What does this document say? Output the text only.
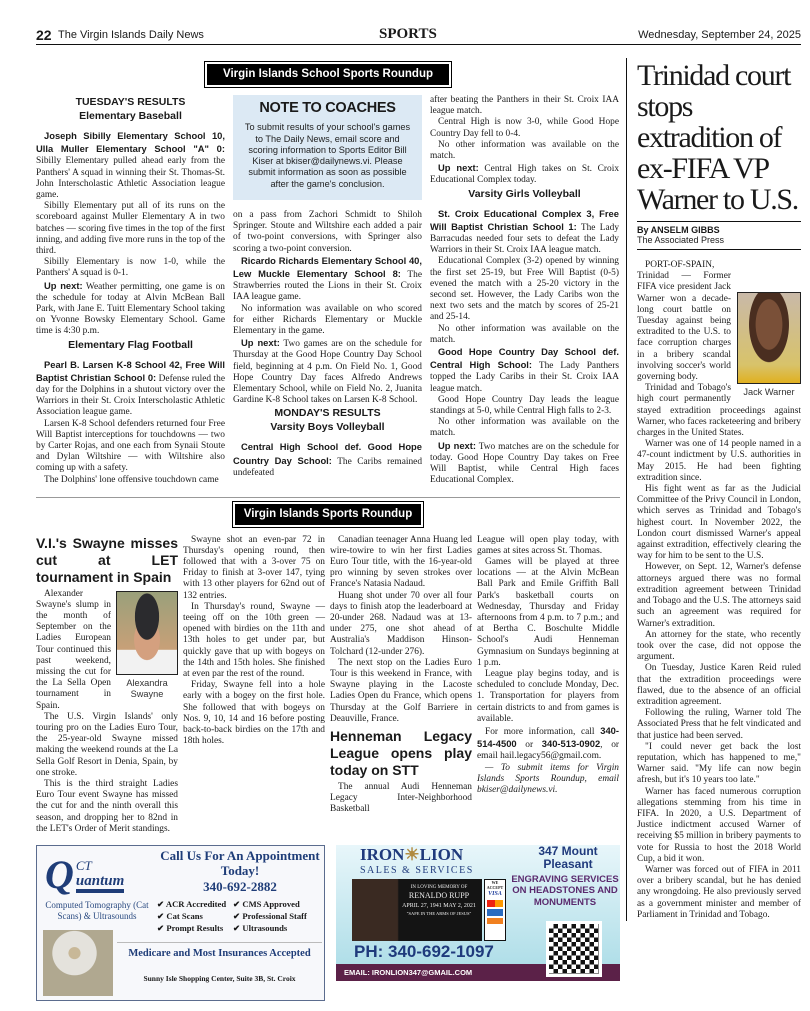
22 The Virgin Islands Daily News	SPORTS	Wednesday, September 24, 2025
Virgin Islands School Sports Roundup
TUESDAY'S RESULTS
Elementary Baseball

Joseph Sibilly Elementary School 10, Ulla Muller Elementary School "A" 0: Sibilly Elementary pulled ahead early from the Panthers' A squad in winning their St. Thomas-St. John Interscholastic Athletic Association league game.

Sibilly Elementary put all of its runs on the scoreboard against Muller Elementary A in two batches — scoring five times in the top of the first inning, and adding five more runs in the top of the third.

Sibilly Elementary is now 1-0, while the Panthers' A squad is 0-1.

Up next: Weather permitting, one game is on the schedule for today at Alvin McBean Ball Park, with Jane E. Tuitt Elementary School taking on Yvonne Bowsky Elementary School. Game time is 4:30 p.m.

Elementary Flag Football

Pearl B. Larsen K-8 School 42, Free Will Baptist Christian School 0: Defense ruled the day for the Dolphins in a shutout victory over the Warriors in their St. Croix Interscholastic Athletic Association league game.

Larsen K-8 School defenders returned four Free Will Baptist interceptions for touchdowns — two by Carter Rojas, and one each from Synaii Stoute and Dylan Wiltshire — with Wiltshire also coming up with a safety.

The Dolphins' lone offensive touchdown came

NOTE TO COACHES
To submit results of your school's games to The Daily News, email score and scoring information to Sports Editor Bill Kiser at bkiser@dailynews.vi. Please submit information as soon as possible after the game's conclusion.

on a pass from Zachori Schmidt to Shiloh Springer. Stoute and Wiltshire each added a pair of two-point conversions, with Springer also scoring a two-point conversion.

Ricardo Richards Elementary School 40, Lew Muckle Elementary School 8: The Strawberries routed the Lions in their St. Croix IAA league game.

No information was available on who scored for either Richards Elementary or Muckle Elementary in the game.

Up next: Two games are on the schedule for Thursday at the Good Hope Country Day School field, beginning at 4 p.m. On Field No. 1, Good Hope Country Day faces Alfredo Andrews Elementary School, while on Field No. 2, Juanita Gardine K-8 School takes on Larsen K-8 School.

MONDAY'S RESULTS
Varsity Boys Volleyball

Central High School def. Good Hope Country Day School: The Caribs remained undefeated

after beating the Panthers in their St. Croix IAA league match.

Central High is now 3-0, while Good Hope Country Day fell to 0-4.

No other information was available on the match.

Up next: Central High takes on St. Croix Educational Complex today.

Varsity Girls Volleyball

St. Croix Educational Complex 3, Free Will Baptist Christian School 1: The Lady Barracudas needed four sets to defeat the Lady Warriors in their St. Croix IAA league match.

Educational Complex (3-2) opened by winning the first set 25-19, but Free Will Baptist (0-5) evened the match with a 25-20 victory in the second set. However, the Lady Caribs won the next two sets and the match by scores of 25-21 and 25-14.

No other information was available on the match.

Good Hope Country Day School def. Central High School: The Lady Panthers topped the Lady Caribs in their St. Croix IAA league match.

Good Hope Country Day leads the league standings at 5-0, while Central High falls to 2-3.

No other information was available on the match.

Up next: Two matches are on the schedule for today. Good Hope Country Day takes on Free Will Baptist, while Central High faces Educational Complex.

Virgin Islands Sports Roundup
V.I.'s Swayne misses cut at LET tournament in Spain
Alexandra Swayne

Alexander Swayne's slump in the month of September on the Ladies European Tour continued this past weekend, missing the cut for the La Sella Open tournament in Spain.

The U.S. Virgin Islands' only touring pro on the Ladies Euro Tour, the 25-year-old Swayne missed making the weekend rounds at the La Sella Golf Resort in Denia, Spain, by one stroke.

This is the third straight Ladies Euro Tour event Swayne has missed the cut for and the ninth overall this season, and dropping her to 82nd in the LET's Order of Merit standings.

Swayne shot an even-par 72 in Thursday's opening round, then followed that with a 3-over 75 on Friday to finish at 3-over 147, tying with 13 other players for 62nd out of 132 entries.

In Thursday's round, Swayne — teeing off on the 10th green — opened with birdies on the 11th and 13th holes to get under par, but quickly gave that up with bogeys on the 14th and 15th holes. She finished at even par the rest of the round.

Friday, Swayne fell into a hole early with a bogey on the first hole. She followed that with bogeys on Nos. 9, 10, 14 and 16 before posting back-to-back birdies on the 17th and 18th holes.

Canadian teenager Anna Huang led wire-towire to win her first Ladies Euro Tour title, with the 16-year-old pro winning by seven strokes over France's Natasia Nadaud.

Huang shot under 70 over all four days to finish atop the leaderboard at 20-under 268. Nadaud was at 13-under 275, one shot ahead of Australia's Maddison Hinson-Tolchard (12-under 276).

The next stop on the Ladies Euro Tour is this weekend in France, with Swayne playing in the Lacoste Ladies Open du France, which opens Thursday at the Golf Barriere in Deauville, France.

Henneman Legacy League opens play today on STT

The annual Audi Henneman Legacy Inter-Neighborhood Basketball

League will open play today, with games at sites across St. Thomas.

Games will be played at three locations — at the Alvin McBean Ball Park and Emile Griffith Ball Park's basketball courts on Wednesday, Thursday and Friday afternoons from 4 p.m. to 7 p.m.; and at Bertha C. Boschulte Middle School's Audi Henneman Gymnasium on Sundays beginning at 1 p.m.

League play begins today, and is scheduled to conclude Monday, Dec. 1. Transportation for players from certain districts to and from games is available.

For more information, call 340-514-4500 or 340-513-0902, or email hail.legacy56@gmail.com.

— To submit items for Virgin Islands Sports Roundup, email bkiser@dailynews.vi.

Q CT
uantum
Computed Tomography (Cat Scans) & Ultrasounds
Call Us For An Appointment Today!
340-692-2882
✔ ACR Accredited ✔ CMS Approved
✔ Cat Scans	✔ Professional Staff
✔ Prompt Results	✔ Ultrasounds
Medicare and Most Insurances Accepted
Sunny Isle Shopping Center, Suite 3B, St. Croix
IRON☀LION
SALES & SERVICES
IN LOVING MEMORY OF
RENALDO RUPP
APRIL 27, 1941 MAY 2, 2021
"SAFE IN THE ARMS OF JESUS"
WE ACCEPT
VISA
PH: 340-692-1097
347 Mount Pleasant
ENGRAVING SERVICES ON HEADSTONES AND MONUMENTS
EMAIL: IRONLION347@GMAIL.COM
Trinidad court stops extradition of ex-FIFA VP Warner to U.S.
By ANSELM GIBBS
The Associated Press
Jack Warner

PORT-OF-SPAIN, Trinidad — Former FIFA vice president Jack Warner won a decade-long court battle on Tuesday against being extradited to the U.S. to face corruption charges in a bribery scandal involving soccer's world governing body.

Trinidad and Tobago's high court permanently stayed extradition proceedings against Warner, who faces racketeering and bribery charges in the United States.

Warner was one of 14 people named in a 47-count indictment by U.S. authorities in May 2015. He had been fighting extradition since.

His fight went as far as the Judicial Committee of the Privy Council in London, which serves as Trinidad and Tobago's highest court. In November 2022, the London court dismissed Warner's appeal against extradition, effectively clearing the way for him to be sent to the U.S.

However, on Sept. 12, Warner's defense attorneys argued there was no formal extradition agreement between Trinidad and Tobago and the U.S. The attorneys said such an agreement was required for Warner's extradition.

An attorney for the state, who recently took over the case, did not oppose the argument.

On Tuesday, Justice Karen Reid ruled that the extradition proceedings were flawed, due to the absence of an official extradition agreement.

Following the ruling, Warner told The Associated Press that he felt vindicated and that justice had been served.

"I could never get back the lost reputation, which has happened to me," Warner said. "My life can now begin afresh, but it's 10 years too late."

Warner has faced numerous corruption allegations stemming from his time in FIFA. In 2020, a U.S. Department of Justice indictment accused Warner of receiving $5 million in bribery payments to vote for Russia to host the 2018 World Cup, a bid it won.

Warner was forced out of FIFA in 2011 over a bribery scandal, but he has denied any wrongdoing. He also previously served as a government minister and member of Parliament in Trinidad and Tobago.
